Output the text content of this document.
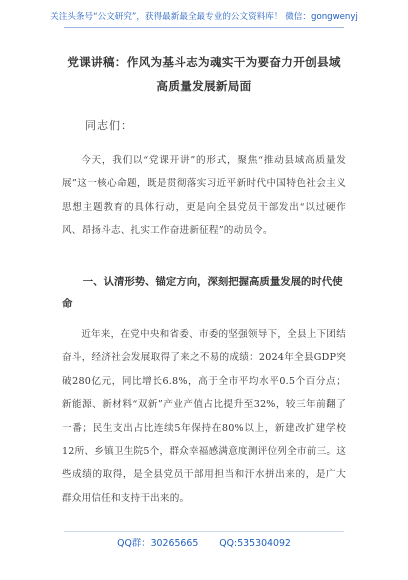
关注头条号“公文研究”，获得最新最全最专业的公文资料库！ 微信：gongwenyj
党课讲稿：作风为基斗志为魂实干为要奋力开创县域高质量发展新局面
同志们：

今天，我们以“党课开讲”的形式，聚焦“推动县域高质量发展”这一核心命题，既是贯彻落实习近平新时代中国特色社会主义思想主题教育的具体行动，更是向全县党员干部发出“以过硬作风、昂扬斗志、扎实工作奋进新征程”的动员令。

一、认清形势、锚定方向，深刻把握高质量发展的时代使命

近年来，在党中央和省委、市委的坚强领导下，全县上下团结奋斗，经济社会发展取得了来之不易的成绩：2024年全县GDP突破280亿元，同比增长6.8%，高于全市平均水平0.5个百分点；新能源、新材料“双新”产业产值占比提升至32%，较三年前翻了一番；民生支出占比连续5年保持在80%以上，新建改扩建学校12所、乡镇卫生院5个，群众幸福感满意度测评位列全市前三。这些成绩的取得，是全县党员干部用担当和汗水拼出来的，是广大群众用信任和支持干出来的。

QQ群：30265665 QQ:535304092
